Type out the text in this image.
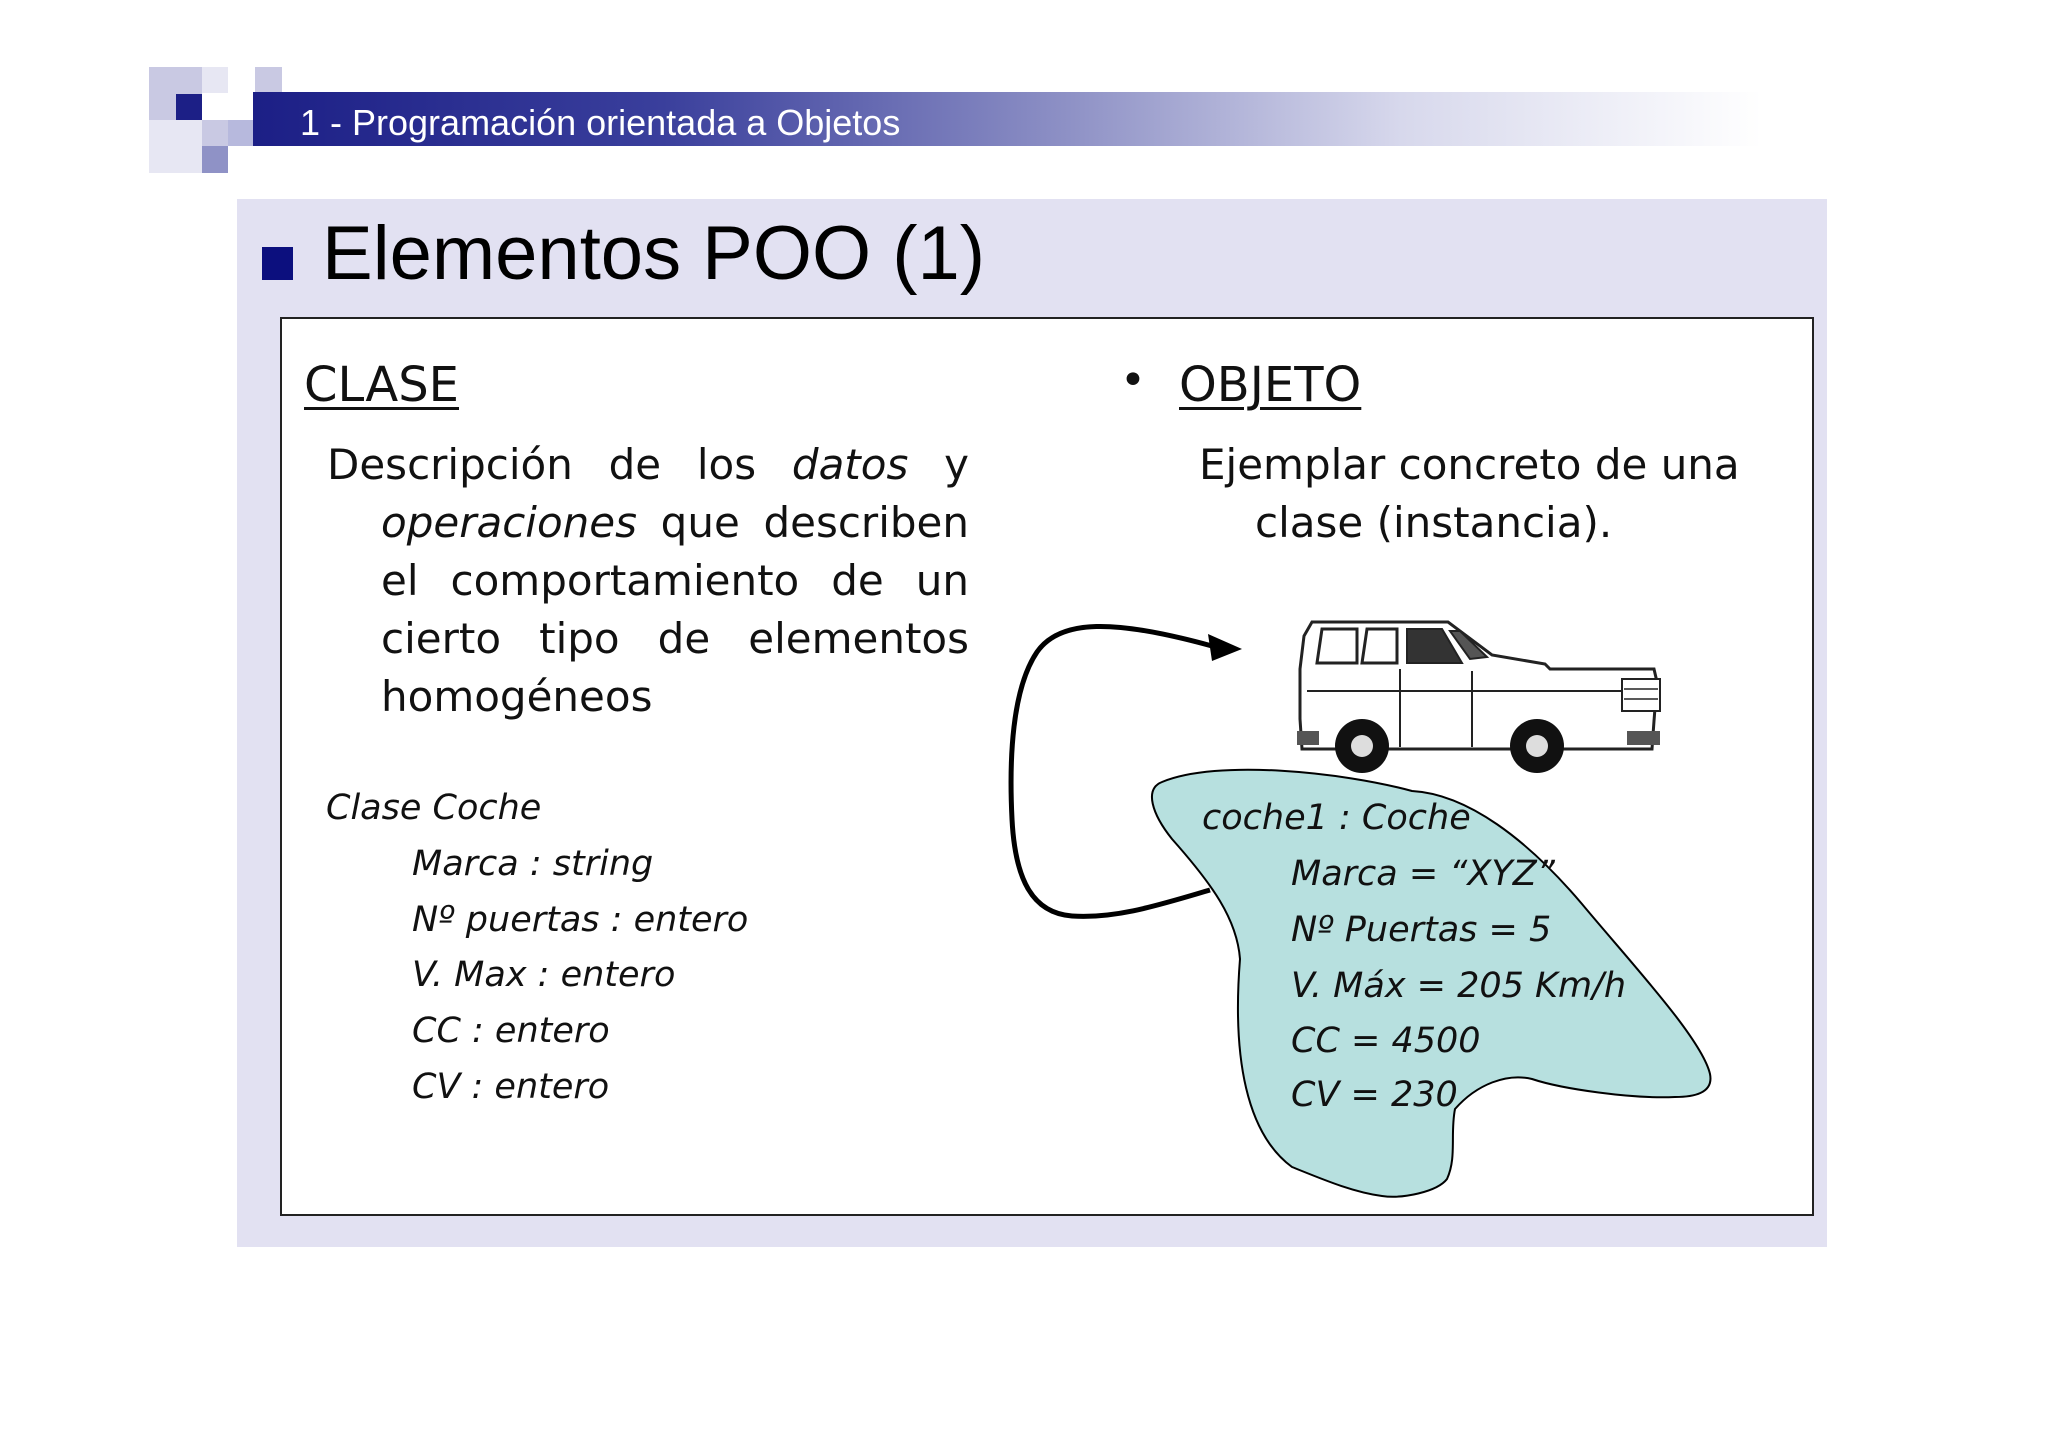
1 - Programación orientada a Objetos
Elementos POO (1)
CLASE
Descripción de los datos y operaciones que describen el comportamiento de un cierto tipo de elementos homogéneos
Clase Coche
Marca : string
Nº puertas : entero
V. Max : entero
CC : entero
CV : entero
• OBJETO
Ejemplar concreto de una clase (instancia).
coche1 : Coche
Marca = “XYZ”
Nº Puertas = 5
V. Máx = 205 Km/h
CC = 4500
CV = 230
